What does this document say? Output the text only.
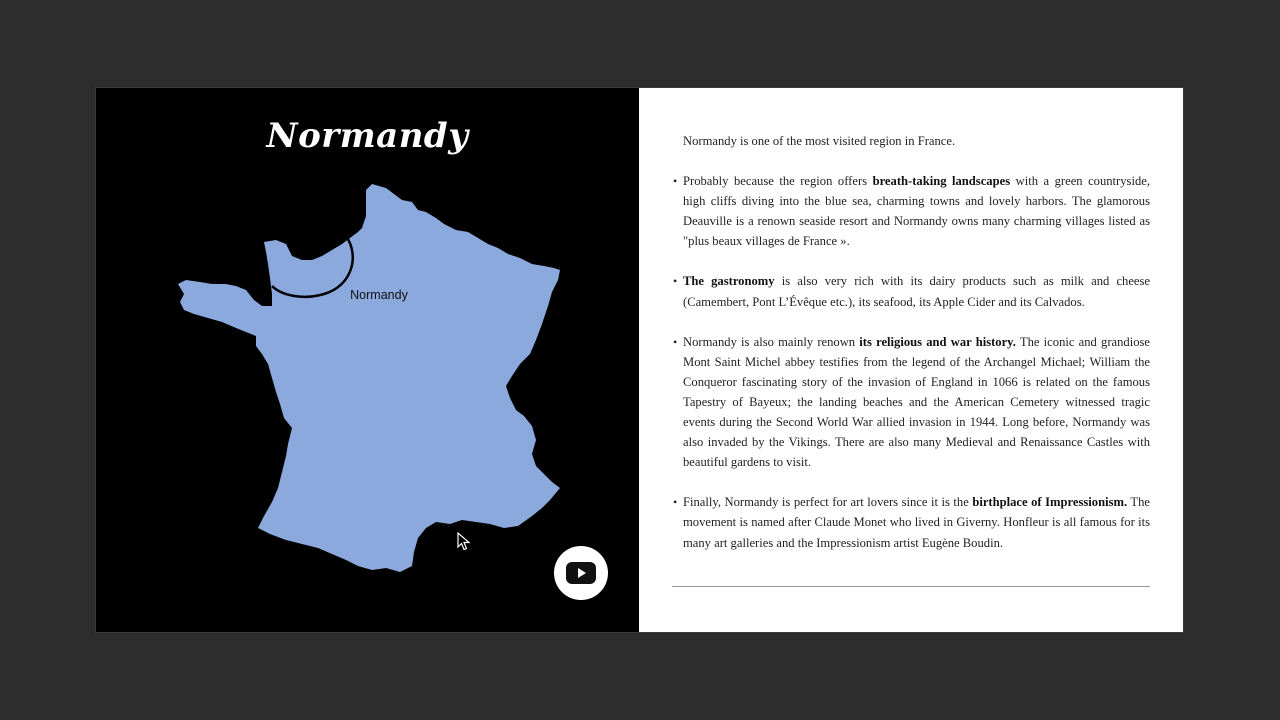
Normandy
Normandy

Normandy is one of the most visited region in France.

• Probably because the region offers breath-taking landscapes with a green countryside, high cliffs diving into the blue sea, charming towns and lovely harbors. The glamorous Deauville is a renown seaside resort and Normandy owns many charming villages listed as "plus beaux villages de France ».
• The gastronomy is also very rich with its dairy products such as milk and cheese (Camembert, Pont L’Évêque etc.), its seafood, its Apple Cider and its Calvados.
• Normandy is also mainly renown its religious and war history. The iconic and grandiose Mont Saint Michel abbey testifies from the legend of the Archangel Michael; William the Conqueror fascinating story of the invasion of England in 1066 is related on the famous Tapestry of Bayeux; the landing beaches and the American Cemetery witnessed tragic events during the Second World War allied invasion in 1944. Long before, Normandy was also invaded by the Vikings. There are also many Medieval and Renaissance Castles with beautiful gardens to visit.
• Finally, Normandy is perfect for art lovers since it is the birthplace of Impressionism. The movement is named after Claude Monet who lived in Giverny. Honfleur is all famous for its many art galleries and the Impressionism artist Eugène Boudin.
